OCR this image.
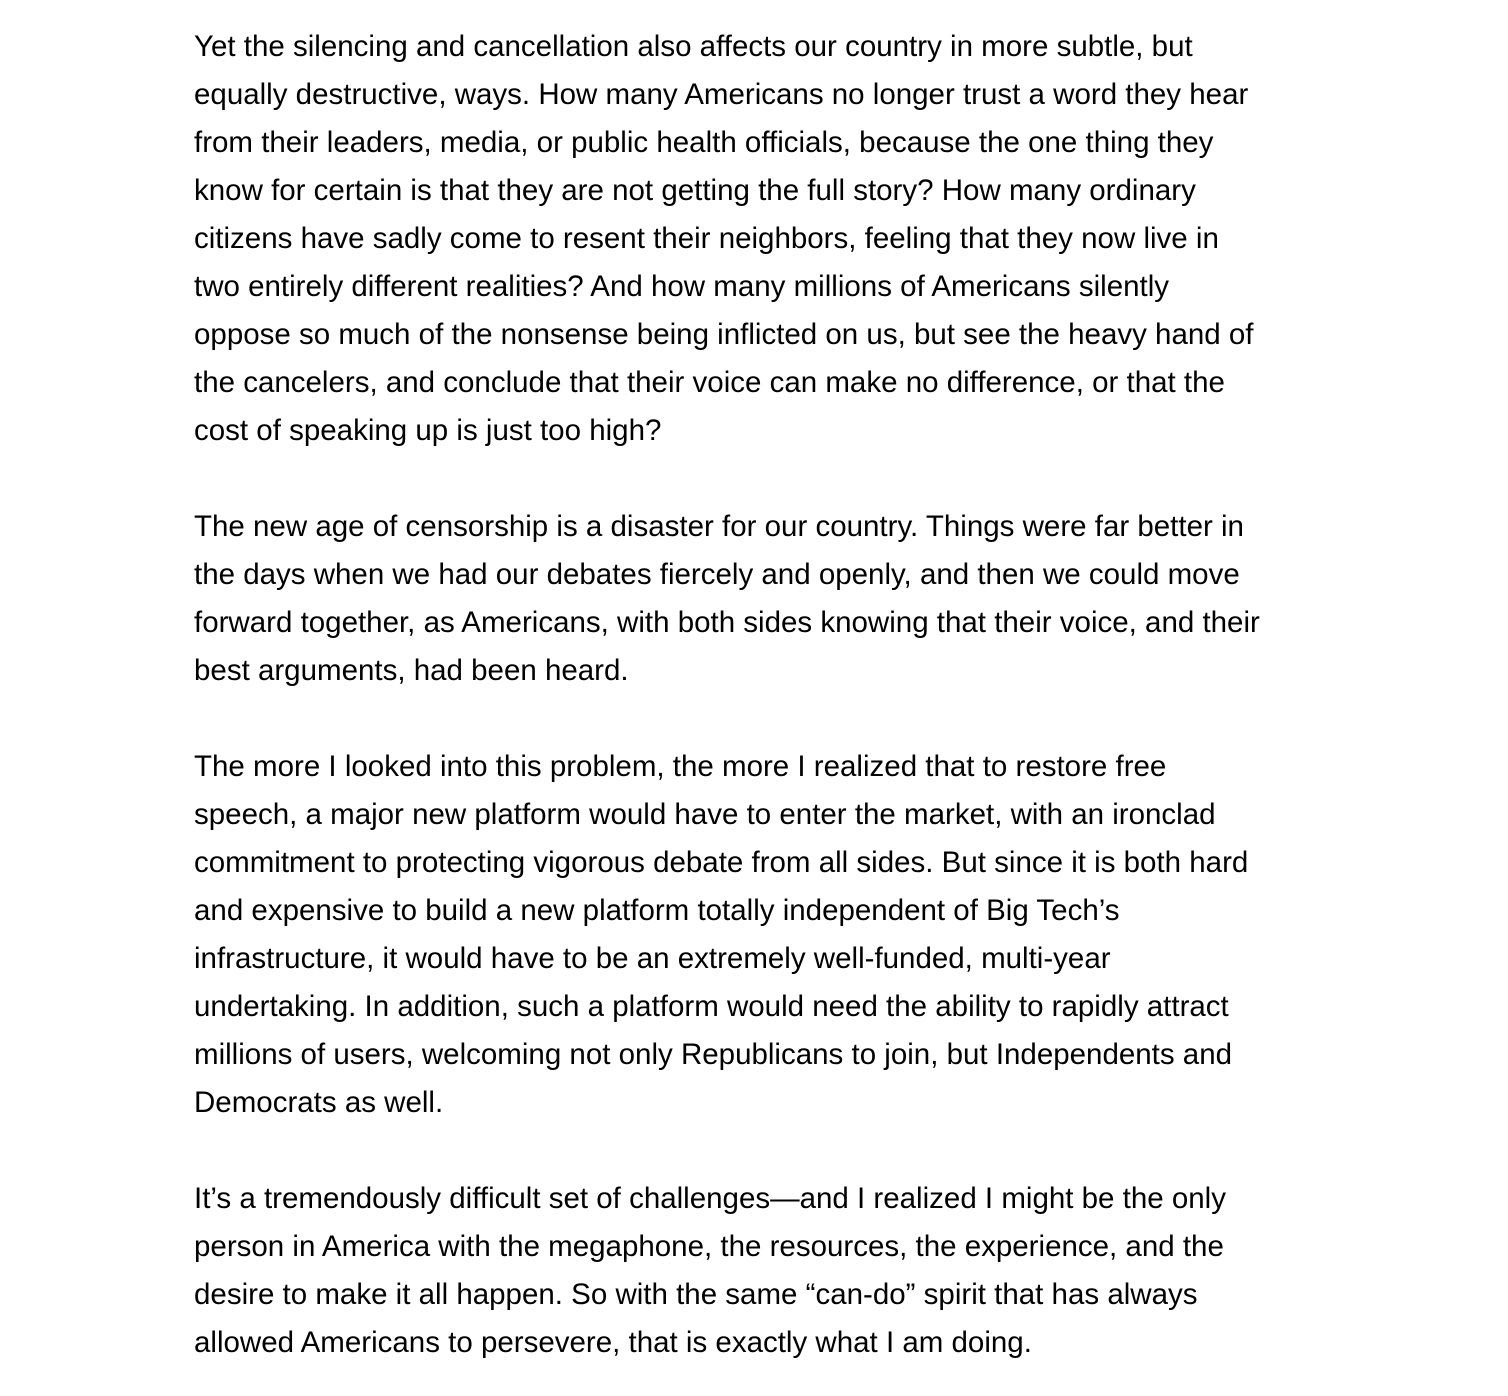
Yet the silencing and cancellation also affects our country in more subtle, but
equally destructive, ways. How many Americans no longer trust a word they hear
from their leaders, media, or public health officials, because the one thing they
know for certain is that they are not getting the full story? How many ordinary
citizens have sadly come to resent their neighbors, feeling that they now live in
two entirely different realities? And how many millions of Americans silently
oppose so much of the nonsense being inflicted on us, but see the heavy hand of
the cancelers, and conclude that their voice can make no difference, or that the
cost of speaking up is just too high?

The new age of censorship is a disaster for our country. Things were far better in
the days when we had our debates fiercely and openly, and then we could move
forward together, as Americans, with both sides knowing that their voice, and their
best arguments, had been heard.

The more I looked into this problem, the more I realized that to restore free
speech, a major new platform would have to enter the market, with an ironclad
commitment to protecting vigorous debate from all sides. But since it is both hard
and expensive to build a new platform totally independent of Big Tech’s
infrastructure, it would have to be an extremely well-funded, multi-year
undertaking. In addition, such a platform would need the ability to rapidly attract
millions of users, welcoming not only Republicans to join, but Independents and
Democrats as well.

It’s a tremendously difficult set of challenges—and I realized I might be the only
person in America with the megaphone, the resources, the experience, and the
desire to make it all happen. So with the same “can-do” spirit that has always
allowed Americans to persevere, that is exactly what I am doing.
